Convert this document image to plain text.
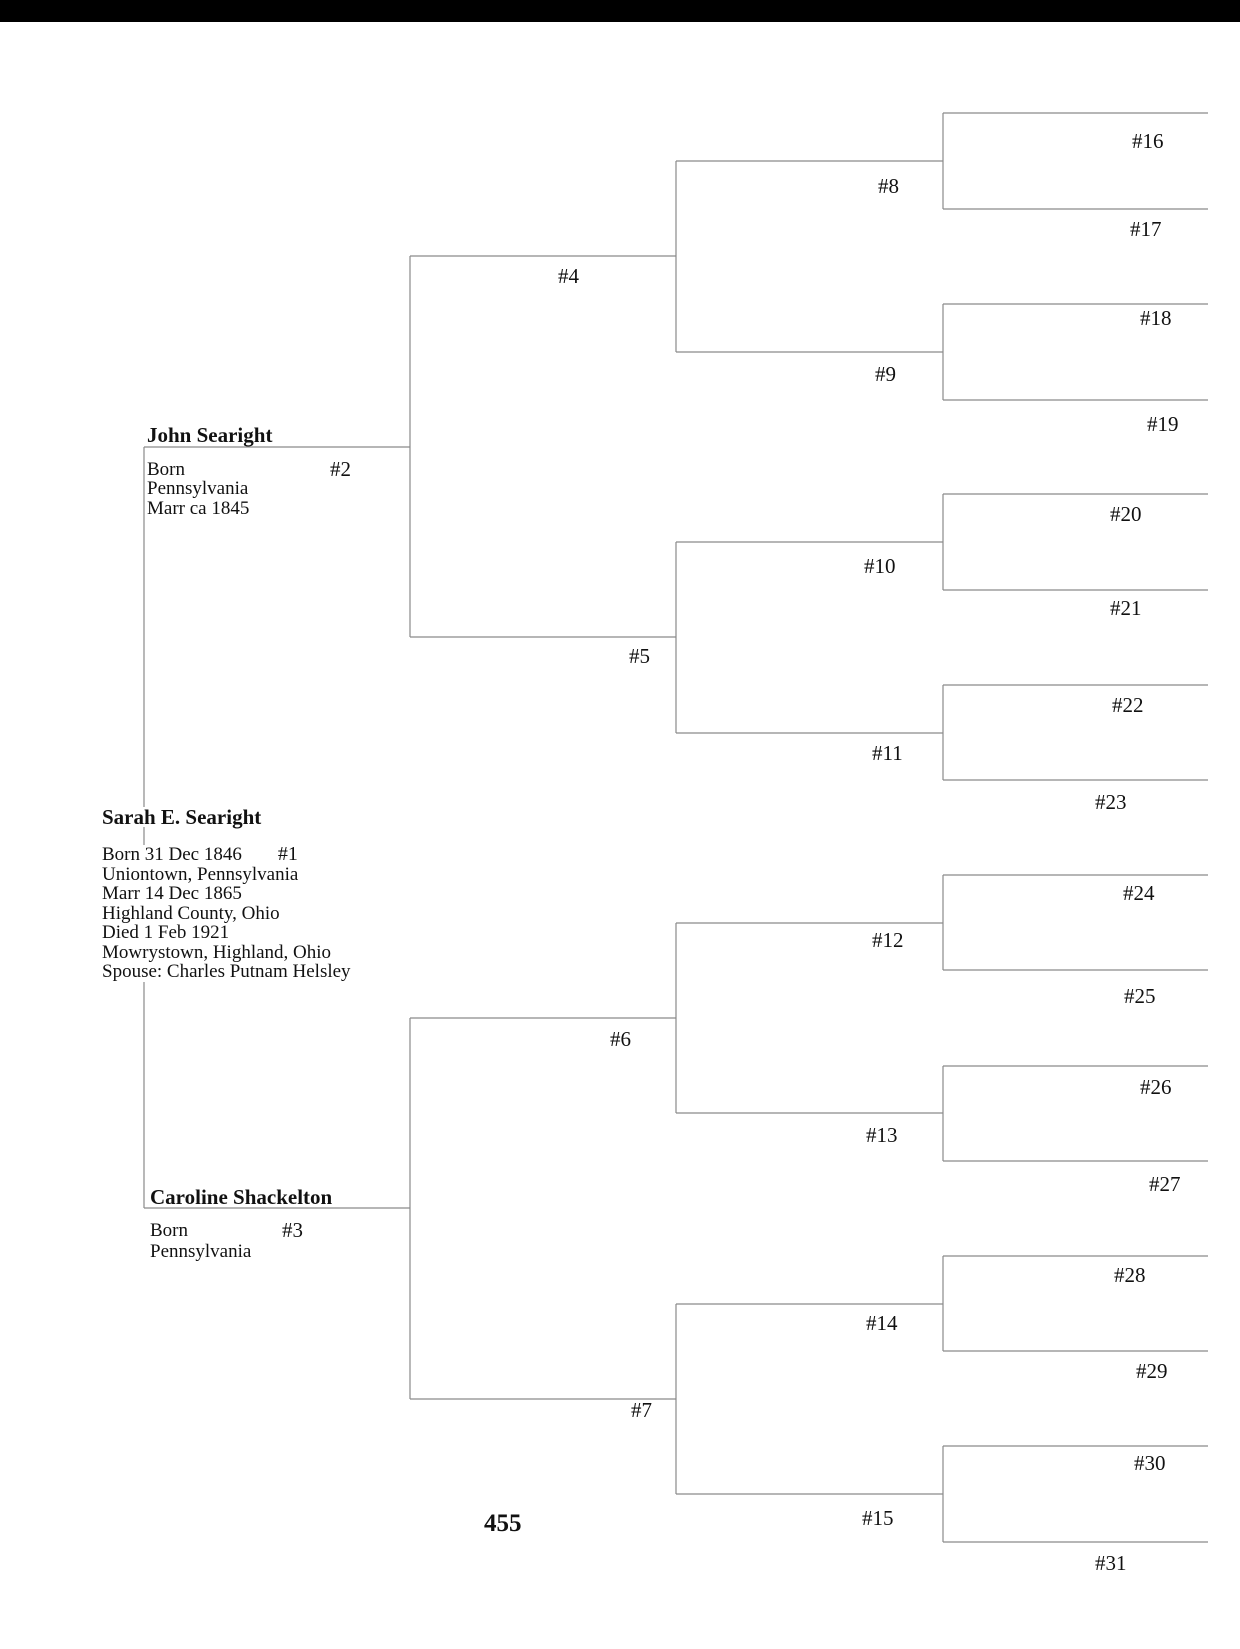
John Searight
#2
Born
Pennsylvania
Marr ca 1845
Sarah E. Searight
Born 31 Dec 1846 #1
Uniontown, Pennsylvania
Marr 14 Dec 1865
Highland County, Ohio
Died 1 Feb 1921
Mowrystown, Highland, Ohio
Spouse: Charles Putnam Helsley
Caroline Shackelton
#3
Born
Pennsylvania
#4
#5
#6
#7
#8
#9
#10
#11
#12
#13
#14
#15
#16
#17
#18
#19
#20
#21
#22
#23
#24
#25
#26
#27
#28
#29
#30
#31
455
